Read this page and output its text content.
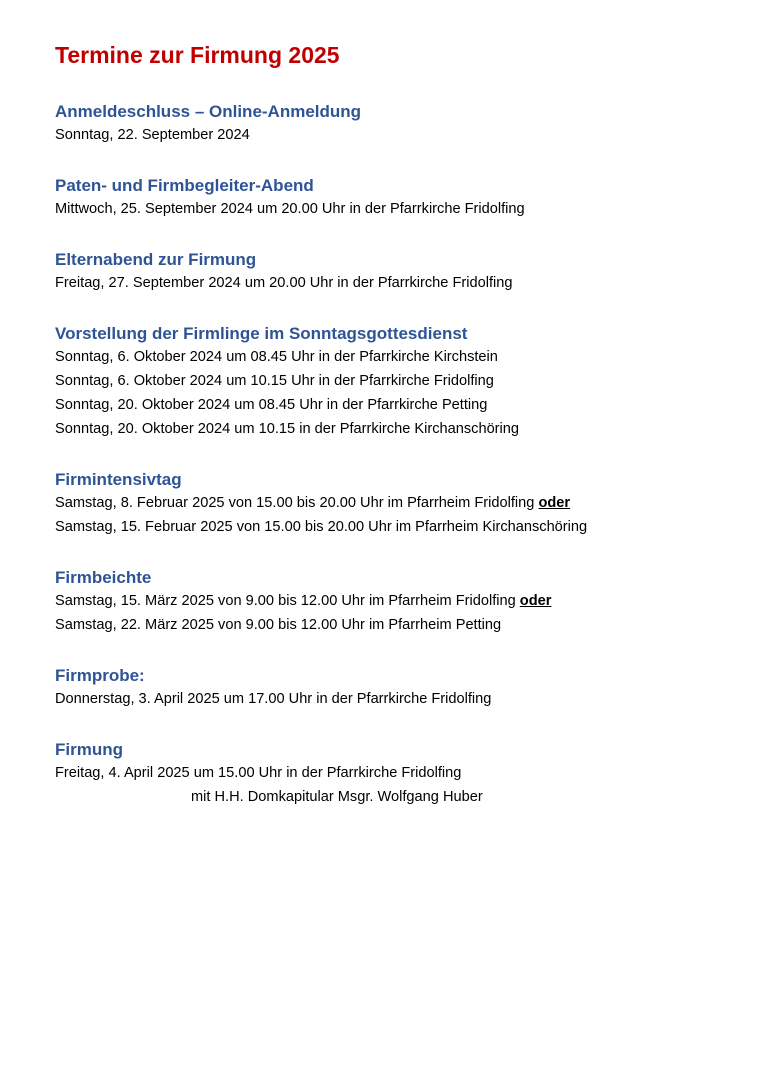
Termine zur Firmung 2025
Anmeldeschluss – Online-Anmeldung
Sonntag, 22. September 2024
Paten- und Firmbegleiter-Abend
Mittwoch, 25. September 2024 um 20.00 Uhr in der Pfarrkirche Fridolfing
Elternabend zur Firmung
Freitag, 27. September 2024 um 20.00 Uhr in der Pfarrkirche Fridolfing
Vorstellung der Firmlinge im Sonntagsgottesdienst
Sonntag, 6. Oktober 2024 um 08.45 Uhr in der Pfarrkirche Kirchstein
Sonntag, 6. Oktober 2024 um 10.15 Uhr in der Pfarrkirche Fridolfing
Sonntag, 20. Oktober 2024 um 08.45 Uhr in der Pfarrkirche Petting
Sonntag, 20. Oktober 2024 um 10.15 in der Pfarrkirche Kirchanschöring
Firmintensivtag
Samstag, 8. Februar 2025 von 15.00 bis 20.00 Uhr im Pfarrheim Fridolfing oder
Samstag, 15. Februar 2025 von 15.00 bis 20.00 Uhr im Pfarrheim Kirchanschöring
Firmbeichte
Samstag, 15. März 2025 von 9.00 bis 12.00 Uhr im Pfarrheim Fridolfing oder
Samstag, 22. März 2025 von 9.00 bis 12.00 Uhr im Pfarrheim Petting
Firmprobe:
Donnerstag, 3. April 2025 um 17.00 Uhr in der Pfarrkirche Fridolfing
Firmung
Freitag, 4. April 2025 um 15.00 Uhr in der Pfarrkirche Fridolfing
mit H.H. Domkapitular Msgr. Wolfgang Huber
